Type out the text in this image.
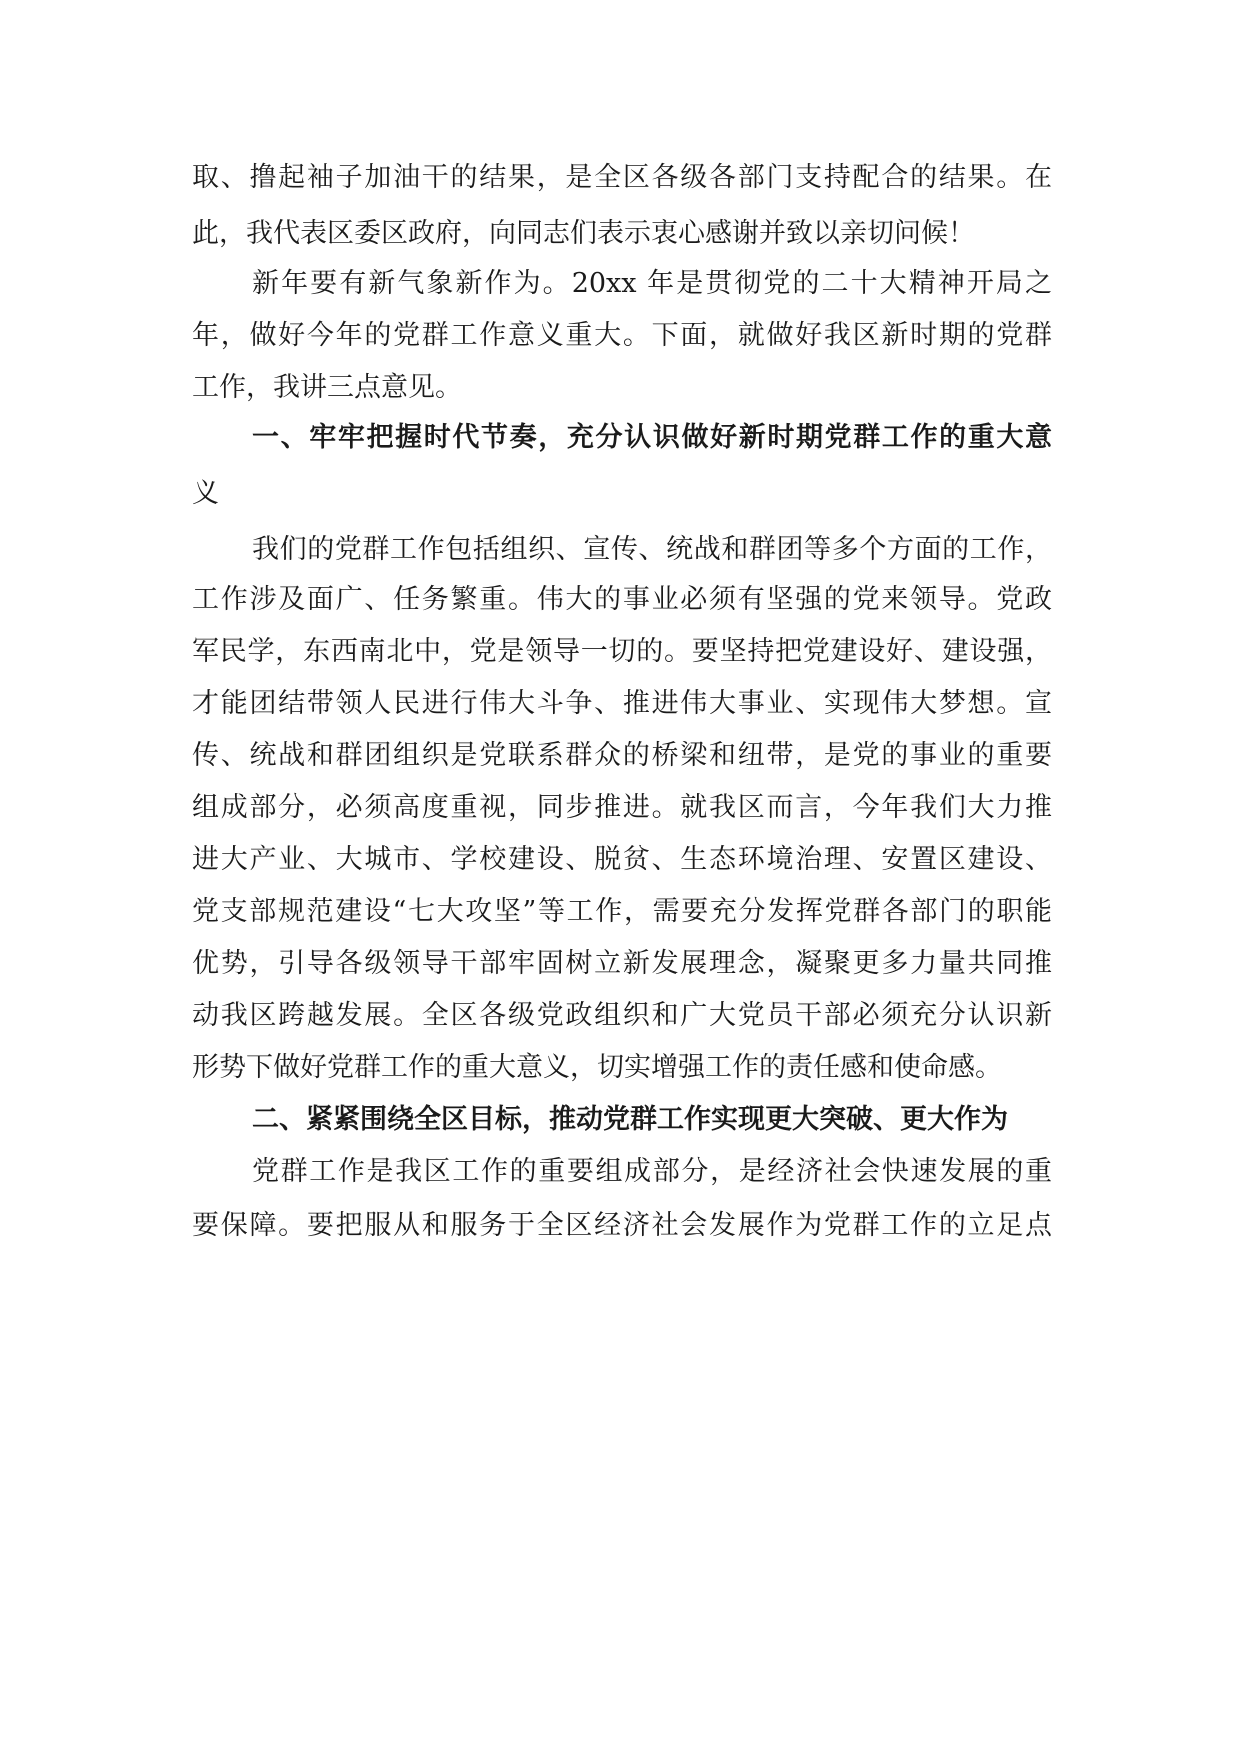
取、撸起袖子加油干的结果，是全区各级各部门支持配合的结果。在
此，我代表区委区政府，向同志们表示衷心感谢并致以亲切问候！
新年要有新气象新作为。20xx 年是贯彻党的二十大精神开局之
年，做好今年的党群工作意义重大。下面，就做好我区新时期的党群
工作，我讲三点意见。
一、牢牢把握时代节奏，充分认识做好新时期党群工作的重大意
义
我们的党群工作包括组织、宣传、统战和群团等多个方面的工作，
工作涉及面广、任务繁重。伟大的事业必须有坚强的党来领导。党政
军民学，东西南北中，党是领导一切的。要坚持把党建设好、建设强，
才能团结带领人民进行伟大斗争、推进伟大事业、实现伟大梦想。宣
传、统战和群团组织是党联系群众的桥梁和纽带，是党的事业的重要
组成部分，必须高度重视，同步推进。就我区而言，今年我们大力推
进大产业、大城市、学校建设、脱贫、生态环境治理、安置区建设、
党支部规范建设“七大攻坚”等工作，需要充分发挥党群各部门的职能
优势，引导各级领导干部牢固树立新发展理念，凝聚更多力量共同推
动我区跨越发展。全区各级党政组织和广大党员干部必须充分认识新
形势下做好党群工作的重大意义，切实增强工作的责任感和使命感。
二、紧紧围绕全区目标，推动党群工作实现更大突破、更大作为
党群工作是我区工作的重要组成部分，是经济社会快速发展的重
要保障。要把服从和服务于全区经济社会发展作为党群工作的立足点
